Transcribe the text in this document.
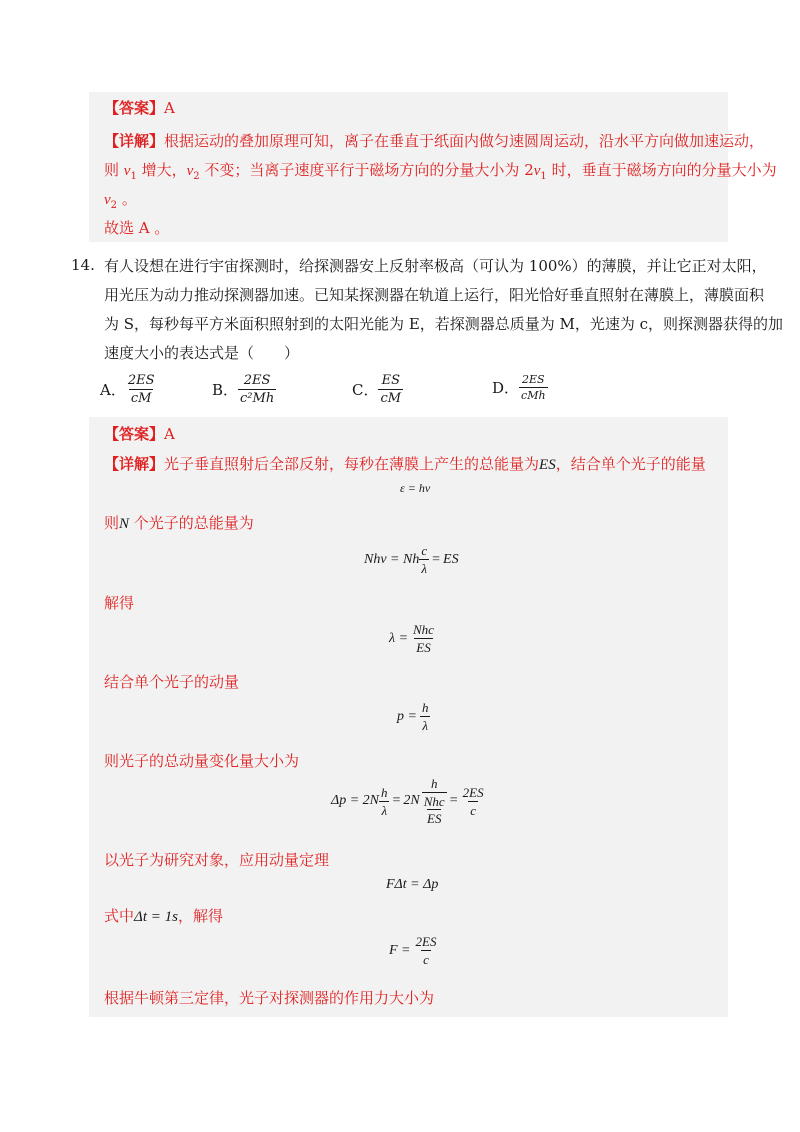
【答案】A
【详解】根据运动的叠加原理可知，离子在垂直于纸面内做匀速圆周运动，沿水平方向做加速运动，
则 $v_1$ 增大，$v_2$ 不变；当离子速度平行于磁场方向的分量大小为 $2v_1$ 时，垂直于磁场方向的分量大小为
$v_2$ 。
故选 A 。
14. 有人设想在进行宇宙探测时，给探测器安上反射率极高（可认为 100%）的薄膜，并让它正对太阳，
用光压为动力推动探测器加速。已知某探测器在轨道上运行，阳光恰好垂直照射在薄膜上，薄膜面积
为 S，每秒每平方米面积照射到的太阳光能为 E，若探测器总质量为 M，光速为 c，则探测器获得的加
速度大小的表达式是（　　）
A． $\frac{2ES}{cM}$	B． $\frac{2ES}{\text{c²Mh}}$	C． $\frac{ES}{cM}$	D． $\frac{2ES}{\text{cMh}}$
【答案】A
【详解】光子垂直照射后全部反射，每秒在薄膜上产生的总能量为ES，结合单个光子的能量
ε = hν
则N 个光子的总能量为
Nhν = Nh $\frac{c}{\lambda}$ = ES
解得
$\lambda = \frac{\text{Nhc}}{ES}$
结合单个光子的动量
$p = \frac{h}{\lambda}$
则光子的总动量变化量大小为
$\Delta p = 2N \frac{h}{\lambda} = 2N$ h
Nhc
ES = $\frac{2ES}{c}$
以光子为研究对象，应用动量定理
FΔt = Δp
式中Δt = 1s，解得
$F = \frac{2ES}{c}$
根据牛顿第三定律，光子对探测器的作用力大小为
